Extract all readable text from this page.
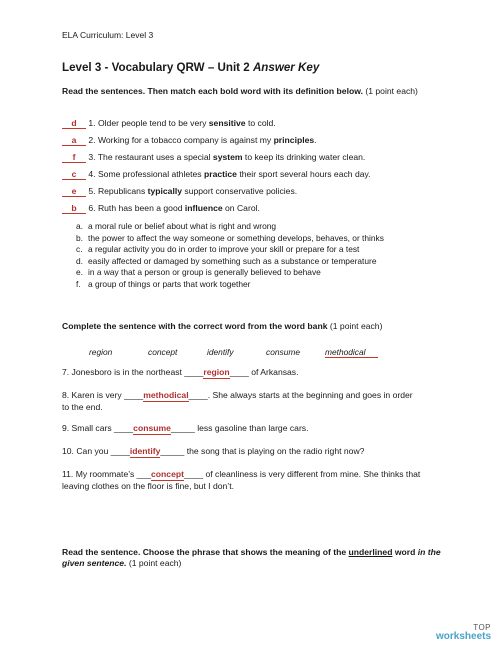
ELA Curriculum: Level 3
Level 3 - Vocabulary QRW – Unit 2 Answer Key
Read the sentences. Then match each bold word with its definition below. (1 point each)
d 1. Older people tend to be very sensitive to cold.
a 2. Working for a tobacco company is against my principles.
f 3. The restaurant uses a special system to keep its drinking water clean.
c 4. Some professional athletes practice their sport several hours each day.
e 5. Republicans typically support conservative policies.
b 6. Ruth has been a good influence on Carol.
a. a moral rule or belief about what is right and wrong
b. the power to affect the way someone or something develops, behaves, or thinks
c. a regular activity you do in order to improve your skill or prepare for a test
d. easily affected or damaged by something such as a substance or temperature
e. in a way that a person or group is generally believed to behave
f. a group of things or parts that work together
Complete the sentence with the correct word from the word bank (1 point each)
region	concept	identify	consume	methodical
7. Jonesboro is in the northeast ____region____ of Arkansas.
8. Karen is very ____methodical____. She always starts at the beginning and goes in order to the end.
9. Small cars ____consume_____ less gasoline than large cars.
10. Can you ____identify_____ the song that is playing on the radio right now?
11. My roommate’s ___concept____ of cleanliness is very different from mine. She thinks that leaving clothes on the floor is fine, but I don’t.
Read the sentence. Choose the phrase that shows the meaning of the underlined word in the given sentence. (1 point each)
TOP
worksheets
